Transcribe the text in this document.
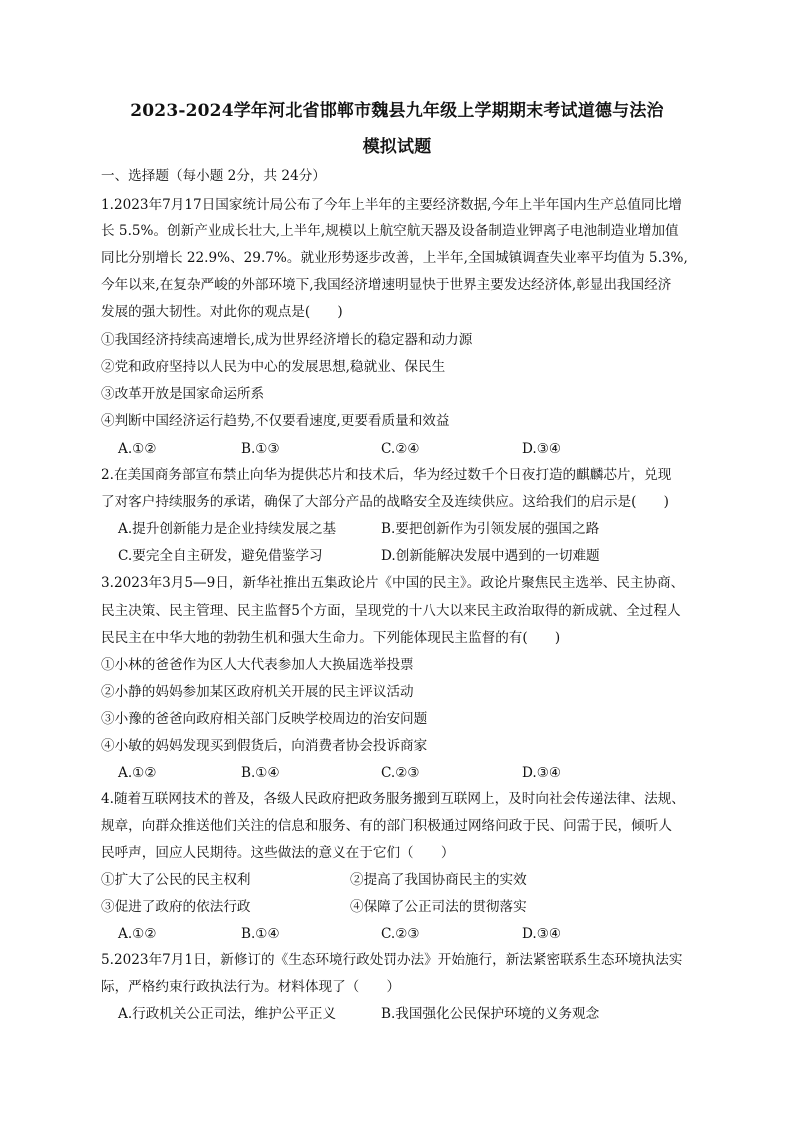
2023-2024学年河北省邯郸市魏县九年级上学期期末考试道德与法治
模拟试题
一、选择题（每小题 2分，共 24分）
1.2023年7月17日国家统计局公布了今年上半年的主要经济数据,今年上半年国内生产总值同比增
长 5.5%。创新产业成长壮大,上半年,规模以上航空航天器及设备制造业钾离子电池制造业增加值
同比分别增长 22.9%、29.7%。就业形势逐步改善，上半年,全国城镇调查失业率平均值为 5.3%,
今年以来,在复杂严峻的外部环境下,我国经济增速明显快于世界主要发达经济体,彰显出我国经济
发展的强大韧性。对此你的观点是(　　)
①我国经济持续高速增长,成为世界经济增长的稳定器和动力源
②党和政府坚持以人民为中心的发展思想,稳就业、保民生
③改革开放是国家命运所系
④判断中国经济运行趋势,不仅要看速度,更要看质量和效益
A.①②	B.①③	C.②④	D.③④
2.在美国商务部宣布禁止向华为提供芯片和技术后，华为经过数千个日夜打造的麒麟芯片，兑现
了对客户持续服务的承诺，确保了大部分产品的战略安全及连续供应。这给我们的启示是(　　)
A.提升创新能力是企业持续发展之基	B.要把创新作为引领发展的强国之路
C.要完全自主研发，避免借鉴学习	D.创新能解决发展中遇到的一切难题
3.2023年3月5—9日，新华社推出五集政论片《中国的民主》。政论片聚焦民主选举、民主协商、
民主决策、民主管理、民主监督5个方面，呈现党的十八大以来民主政治取得的新成就、全过程人
民民主在中华大地的勃勃生机和强大生命力。下列能体现民主监督的有(　　)
①小林的爸爸作为区人大代表参加人大换届选举投票
②小静的妈妈参加某区政府机关开展的民主评议活动
③小豫的爸爸向政府相关部门反映学校周边的治安问题
④小敏的妈妈发现买到假货后，向消费者协会投诉商家
A.①②	B.①④	C.②③	D.③④
4.随着互联网技术的普及，各级人民政府把政务服务搬到互联网上，及时向社会传递法律、法规、
规章，向群众推送他们关注的信息和服务、有的部门积极通过网络问政于民、问需于民，倾听人
民呼声，回应人民期待。这些做法的意义在于它们（　　）
①扩大了公民的民主权利	②提高了我国协商民主的实效
③促进了政府的依法行政	④保障了公正司法的贯彻落实
A.①②	B.①④	C.②③	D.③④
5.2023年7月1日，新修订的《生态环境行政处罚办法》开始施行，新法紧密联系生态环境执法实
际，严格约束行政执法行为。材料体现了（　　）
A.行政机关公正司法，维护公平正义	B.我国强化公民保护环境的义务观念
